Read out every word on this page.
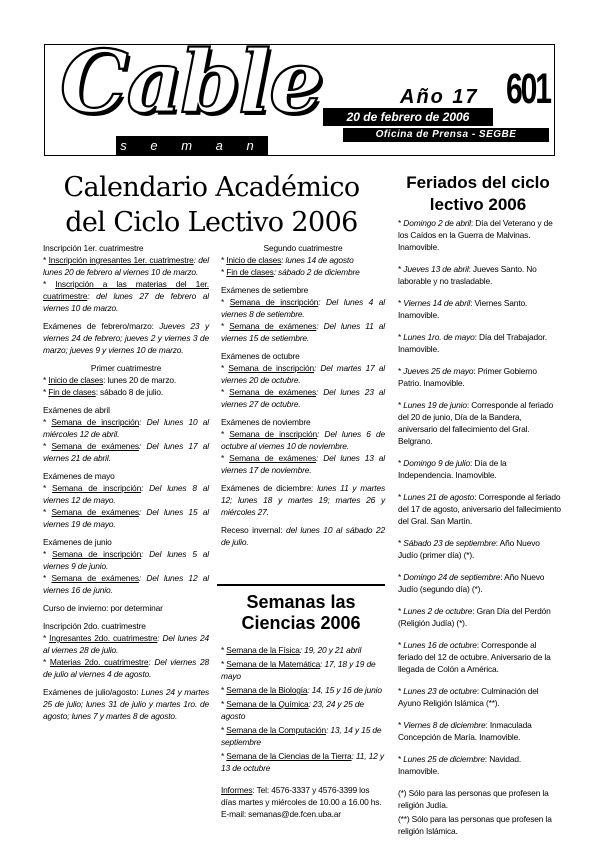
Cable
s e m a n a l
Año 17 601
20 de febrero de 2006
Oficina de Prensa - SEGBE
Calendario Académico del Ciclo Lectivo 2006
Feriados del ciclo lectivo 2006

Inscripción 1er. cuatrimestre

* Inscripción ingresantes 1er. cuatrimestre: del lunes 20 de febrero al viernes 10 de marzo.

* Inscripción a las materias del 1er. cuatrimestre: del lunes 27 de febrero al viernes 10 de marzo.

Exámenes de febrero/marzo: Jueves 23 y viernes 24 de febrero; jueves 2 y viernes 3 de marzo; jueves 9 y viernes 10 de marzo.

Primer cuatrimestre

* Inicio de clases: lunes 20 de marzo.

* Fin de clases: sábado 8 de julio.

Exámenes de abril

* Semana de inscripción: Del lunes 10 al miércoles 12 de abril.

* Semana de exámenes: Del lunes 17 al viernes 21 de abril.

Exámenes de mayo

* Semana de inscripción: Del lunes 8 al viernes 12 de mayo.

* Semana de exámenes: Del lunes 15 al viernes 19 de mayo.

Exámenes de junio

* Semana de inscripción: Del lunes 5 al viernes 9 de junio.

* Semana de exámenes: Del lunes 12 al viernes 16 de junio.

Curso de invierno: por determinar

Inscripción 2do. cuatrimestre

* Ingresantes 2do. cuatrimestre: Del lunes 24 al viernes 28 de julio.

* Materias 2do. cuatrimestre: Del viernes 28 de julio al viernes 4 de agosto.

Exámenes de julio/agosto: Lunes 24 y martes 25 de julio; lunes 31 de julio y martes 1ro. de agosto; lunes 7 y martes 8 de agosto.

Segundo cuatrimestre

* Inicio de clases: lunes 14 de agosto

* Fin de clases: sábado 2 de diciembre

Exámenes de setiembre

* Semana de inscripción: Del lunes 4 al viernes 8 de setiembre.

* Semana de exámenes: Del lunes 11 al viernes 15 de setiembre.

Exámenes de octubre

* Semana de inscripción: Del martes 17 al viernes 20 de octubre.

* Semana de exámenes: Del lunes 23 al viernes 27 de octubre.

Exámenes de noviembre

* Semana de inscripción: Del lunes 6 de octubre al viernes 10 de noviembre.

* Semana de exámenes: Del lunes 13 al viernes 17 de noviembre.

Exámenes de diciembre: lunes 11 y martes 12; lunes 18 y martes 19; martes 26 y miércoles 27.

Receso invernal: del lunes 10 al sábado 22 de julio.

Semanas las Ciencias 2006

* Semana de la Física: 19, 20 y 21 abril

* Semana de la Matemática: 17, 18 y 19 de mayo

* Semana de la Biología: 14, 15 y 16 de junio

* Semana de la Química: 23, 24 y 25 de agosto

* Semana de la Computación: 13, 14 y 15 de septiembre

* Semana de la Ciencias de la Tierra: 11, 12 y 13 de octubre

Informes: Tel: 4576-3337 y 4576-3399 los días martes y miércoles de 10.00 a 16.00 hs. E-mail: semanas@de.fcen.uba.ar

* Domingo 2 de abril: Día del Veterano y de los Caídos en la Guerra de Malvinas. Inamovible.

* Jueves 13 de abril: Jueves Santo. No laborable y no trasladable.

* Viernes 14 de abril: Viernes Santo. Inamovible.

* Lunes 1ro. de mayo: Día del Trabajador. Inamovible.

* Jueves 25 de mayo: Primer Gobierno Patrio. Inamovible.

* Lunes 19 de junio: Corresponde al feriado del 20 de junio, Día de la Bandera, aniversario del fallecimiento del Gral. Belgrano.

* Domingo 9 de julio: Día de la Independencia. Inamovible.

* Lunes 21 de agosto: Corresponde al feriado del 17 de agosto, aniversario del fallecimiento del Gral. San Martín.

* Sábado 23 de septiembre: Año Nuevo Judío (primer día) (*).

* Domingo 24 de septiembre: Año Nuevo Judío (segundo día) (*).

* Lunes 2 de octubre: Gran Día del Perdón (Religión Judía) (*).

* Lunes 16 de octubre: Corresponde al feriado del 12 de octubre. Aniversario de la llegada de Colón a América.

* Lunes 23 de octubre: Culminación del Ayuno Religión Islámica (**).

* Viernes 8 de diciembre: Inmaculada Concepción de María. Inamovible.

* Lunes 25 de diciembre: Navidad. Inamovible.

(*) Sólo para las personas que profesen la religión Judía.

(**) Sólo para las personas que profesen la religión Islámica.
